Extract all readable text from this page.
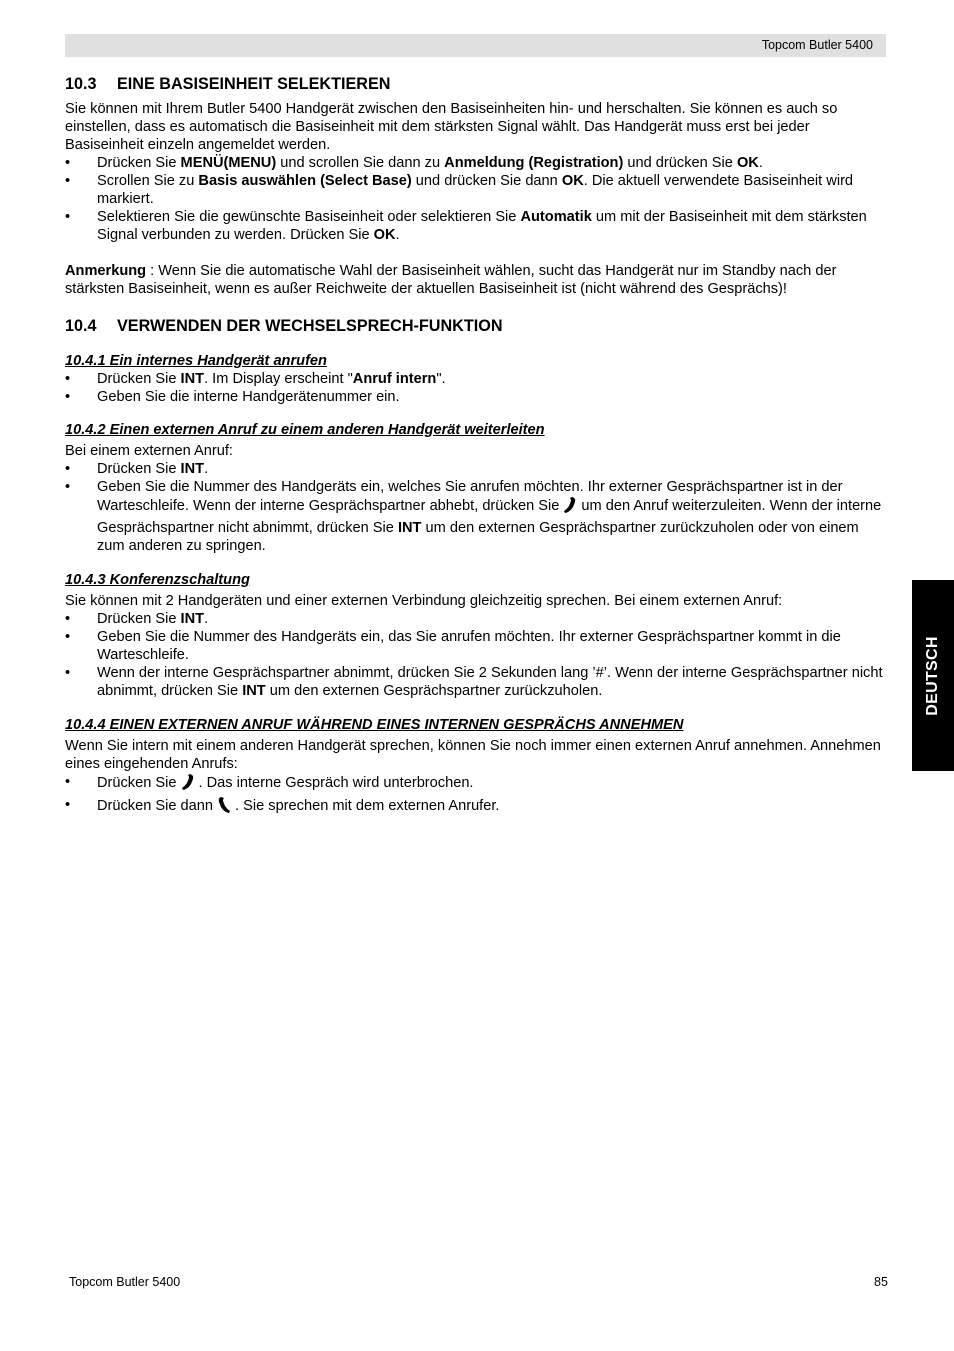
Topcom Butler 5400
10.3 EINE BASISEINHEIT SELEKTIEREN

Sie können mit Ihrem Butler 5400 Handgerät zwischen den Basiseinheiten hin- und herschalten. Sie können es auch so einstellen, dass es automatisch die Basiseinheit mit dem stärksten Signal wählt. Das Handgerät muss erst bei jeder Basiseinheit einzeln angemeldet werden.

• Drücken Sie MENÜ(MENU) und scrollen Sie dann zu Anmeldung (Registration) und drücken Sie OK.
• Scrollen Sie zu Basis auswählen (Select Base) und drücken Sie dann OK. Die aktuell verwendete Basiseinheit wird markiert.
• Selektieren Sie die gewünschte Basiseinheit oder selektieren Sie Automatik um mit der Basiseinheit mit dem stärksten Signal verbunden zu werden. Drücken Sie OK.

Anmerkung : Wenn Sie die automatische Wahl der Basiseinheit wählen, sucht das Handgerät nur im Standby nach der stärksten Basiseinheit, wenn es außer Reichweite der aktuellen Basiseinheit ist (nicht während des Gesprächs)!

10.4 VERWENDEN DER WECHSELSPRECH-FUNKTION
10.4.1 Ein internes Handgerät anrufen
• Drücken Sie INT. Im Display erscheint "Anruf intern".
• Geben Sie die interne Handgerätenummer ein.
10.4.2 Einen externen Anruf zu einem anderen Handgerät weiterleiten

Bei einem externen Anruf:

• Drücken Sie INT.
• Geben Sie die Nummer des Handgeräts ein, welches Sie anrufen möchten. Ihr externer Gesprächspartner ist in der Warteschleife. Wenn der interne Gesprächspartner abhebt, drücken Sie um den Anruf weiterzuleiten. Wenn der interne Gesprächspartner nicht abnimmt, drücken Sie INT um den externen Gesprächspartner zurückzuholen oder von einem zum anderen zu springen.
10.4.3 Konferenzschaltung

Sie können mit 2 Handgeräten und einer externen Verbindung gleichzeitig sprechen. Bei einem externen Anruf:

• Drücken Sie INT.
• Geben Sie die Nummer des Handgeräts ein, das Sie anrufen möchten. Ihr externer Gesprächspartner kommt in die Warteschleife.
• Wenn der interne Gesprächspartner abnimmt, drücken Sie 2 Sekunden lang ’#’. Wenn der interne Gesprächspartner nicht abnimmt, drücken Sie INT um den externen Gesprächspartner zurückzuholen.
10.4.4 EINEN EXTERNEN ANRUF WÄHREND EINES INTERNEN GESPRÄCHS ANNEHMEN

Wenn Sie intern mit einem anderen Handgerät sprechen, können Sie noch immer einen externen Anruf annehmen. Annehmen eines eingehenden Anrufs:

• Drücken Sie . Das interne Gespräch wird unterbrochen.
• Drücken Sie dann . Sie sprechen mit dem externen Anrufer.
DEUTSCH
Topcom Butler 5400	85
